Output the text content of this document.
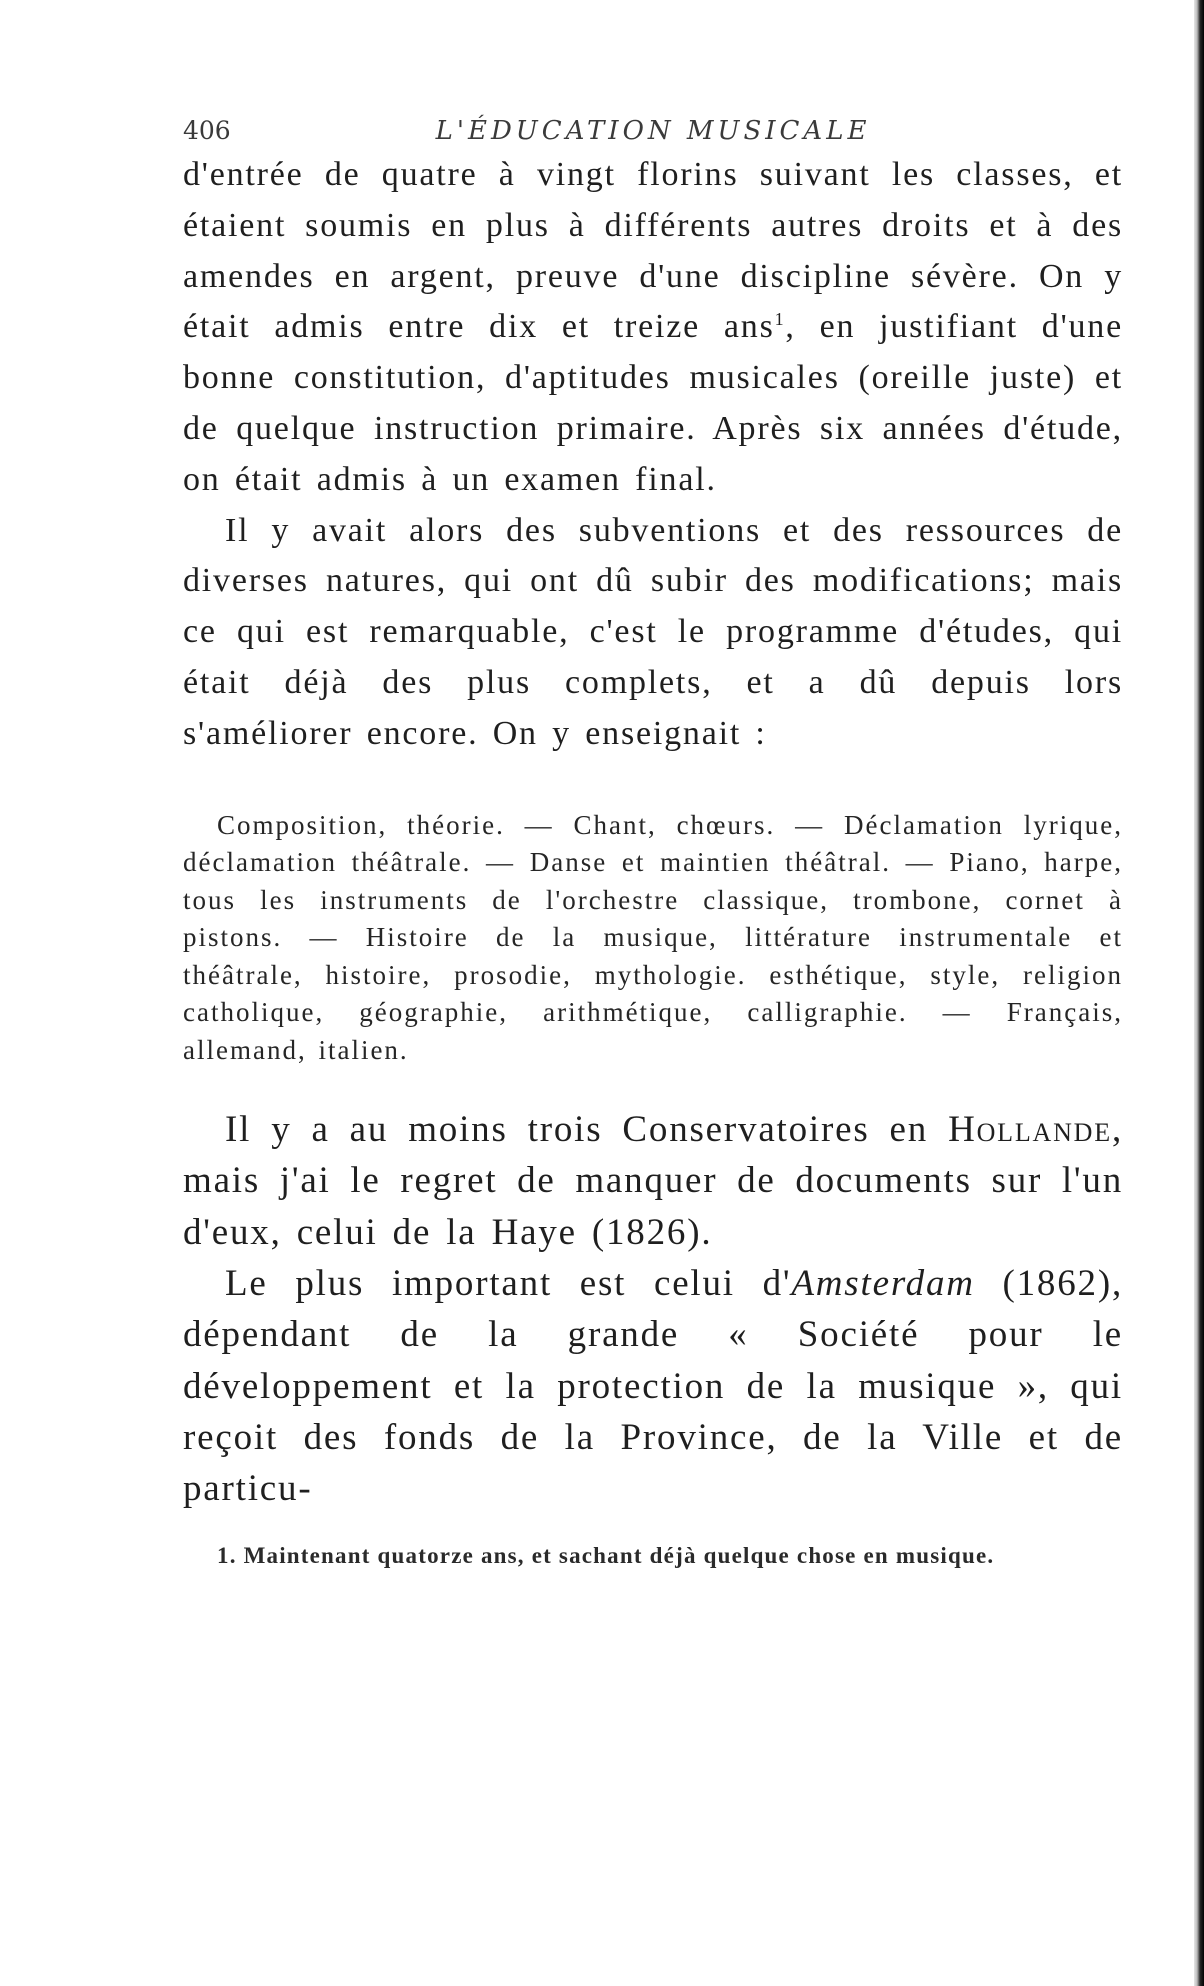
406	L'ÉDUCATION MUSICALE

d'entrée de quatre à vingt florins suivant les classes, et étaient soumis en plus à différents autres droits et à des amendes en argent, preuve d'une discipline sévère. On y était admis entre dix et treize ans$^1$, en justifiant d'une bonne constitution, d'aptitudes musicales (oreille juste) et de quelque instruction primaire. Après six années d'étude, on était admis à un examen final.

Il y avait alors des subventions et des ressources de diverses natures, qui ont dû subir des modifications; mais ce qui est remarquable, c'est le programme d'études, qui était déjà des plus complets, et a dû depuis lors s'améliorer encore. On y enseignait :

Composition, théorie. — Chant, chœurs. — Déclamation lyrique, déclamation théâtrale. — Danse et maintien théâtral. — Piano, harpe, tous les instruments de l'orchestre classique, trombone, cornet à pistons. — Histoire de la musique, littérature instrumentale et théâtrale, histoire, prosodie, mythologie. esthétique, style, religion catholique, géographie, arithmétique, calligraphie. — Français, allemand, italien.

Il y a au moins trois Conservatoires en Hollande, mais j'ai le regret de manquer de documents sur l'un d'eux, celui de la Haye (1826).

Le plus important est celui d'Amsterdam (1862), dépendant de la grande « Société pour le développement et la protection de la musique », qui reçoit des fonds de la Province, de la Ville et de particu-

1. Maintenant quatorze ans, et sachant déjà quelque chose en musique.
